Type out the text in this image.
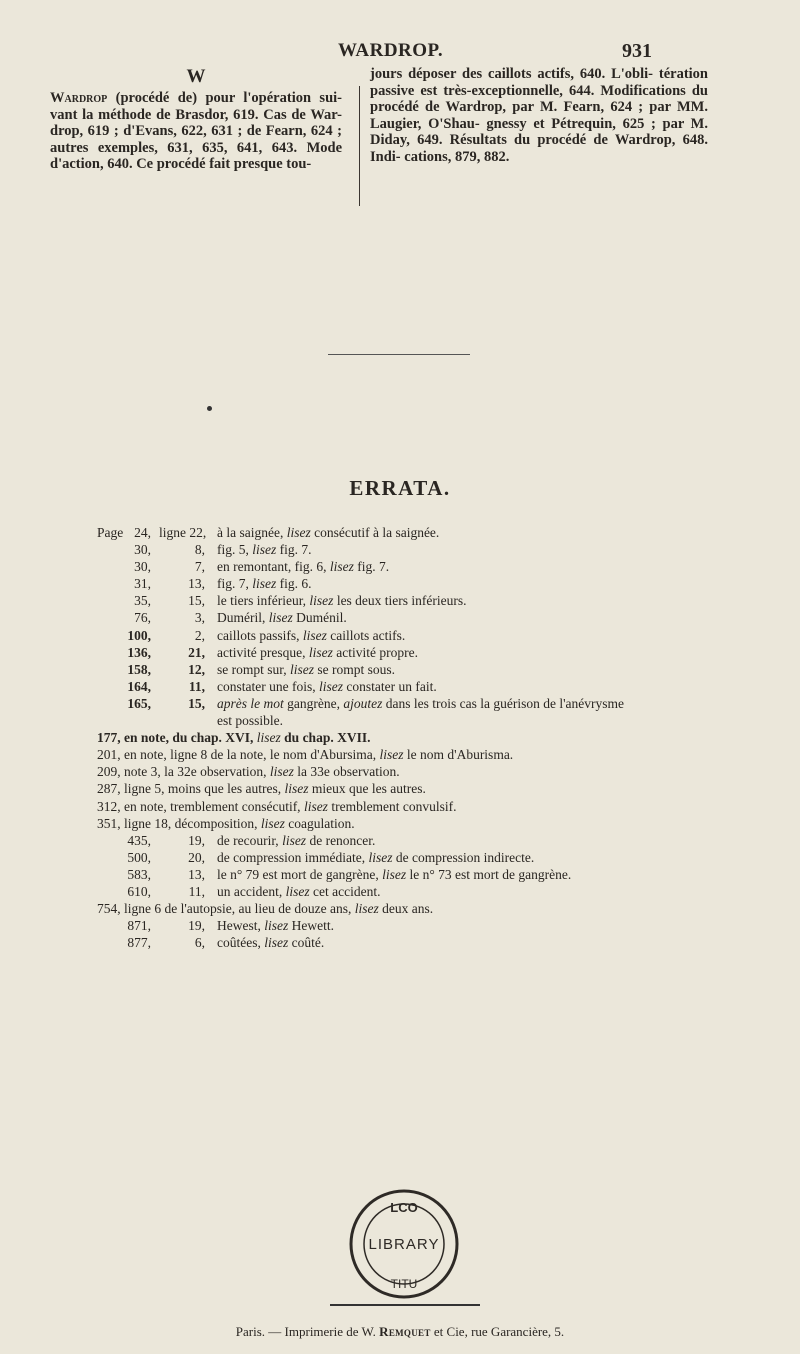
WARDROP.	931
W
Wardrop (procédé de) pour l'opération sui- vant la méthode de Brasdor, 619. Cas de War- drop, 619 ; d'Evans, 622, 631 ; de Fearn, 624 ; autres exemples, 631, 635, 641, 643. Mode d'action, 640. Ce procédé fait presque tou-
jours déposer des caillots actifs, 640. L'obli- tération passive est très-exceptionnelle, 644. Modifications du procédé de Wardrop, par M. Fearn, 624 ; par MM. Laugier, O'Shau- gnessy et Pétrequin, 625 ; par M. Diday, 649. Résultats du procédé de Wardrop, 648. Indi- cations, 879, 882.
ERRATA.
Page 24, ligne 22, à la saignée, lisez consécutif à la saignée.
30,	8, fig. 5, lisez fig. 7.
30,	7, en remontant, fig. 6, lisez fig. 7.
31,	13, fig. 7, lisez fig. 6.
35,	15, le tiers inférieur, lisez les deux tiers inférieurs.
76,	3, Duméril, lisez Duménil.
100,	2, caillots passifs, lisez caillots actifs.
136,	21, activité presque, lisez activité propre.
158,	12, se rompt sur, lisez se rompt sous.
164,	11, constater une fois, lisez constater un fait.
165,	15, après le mot gangrène, ajoutez dans les trois cas la guérison de l'anévrysme
est possible.
177, en note, du chap. XVI, lisez du chap. XVII.
201, en note, ligne 8 de la note, le nom d'Abursima, lisez le nom d'Aburisma.
209, note 3, la 32e observation, lisez la 33e observation.
287, ligne 5, moins que les autres, lisez mieux que les autres.
312, en note, tremblement consécutif, lisez tremblement convulsif.
351, ligne 18, décomposition, lisez coagulation.
435,	19, de recourir, lisez de renoncer.
500,	20, de compression immédiate, lisez de compression indirecte.
583,	13, le n° 79 est mort de gangrène, lisez le n° 73 est mort de gangrène.
610,	11, un accident, lisez cet accident.
754, ligne 6 de l'autopsie, au lieu de douze ans, lisez deux ans.
871,	19, Hewest, lisez Hewett.
877,	6, coûtées, lisez coûté.
LCO
LIBRARY
TITU
Paris. — Imprimerie de W. Remquet et Cie, rue Garancière, 5.
